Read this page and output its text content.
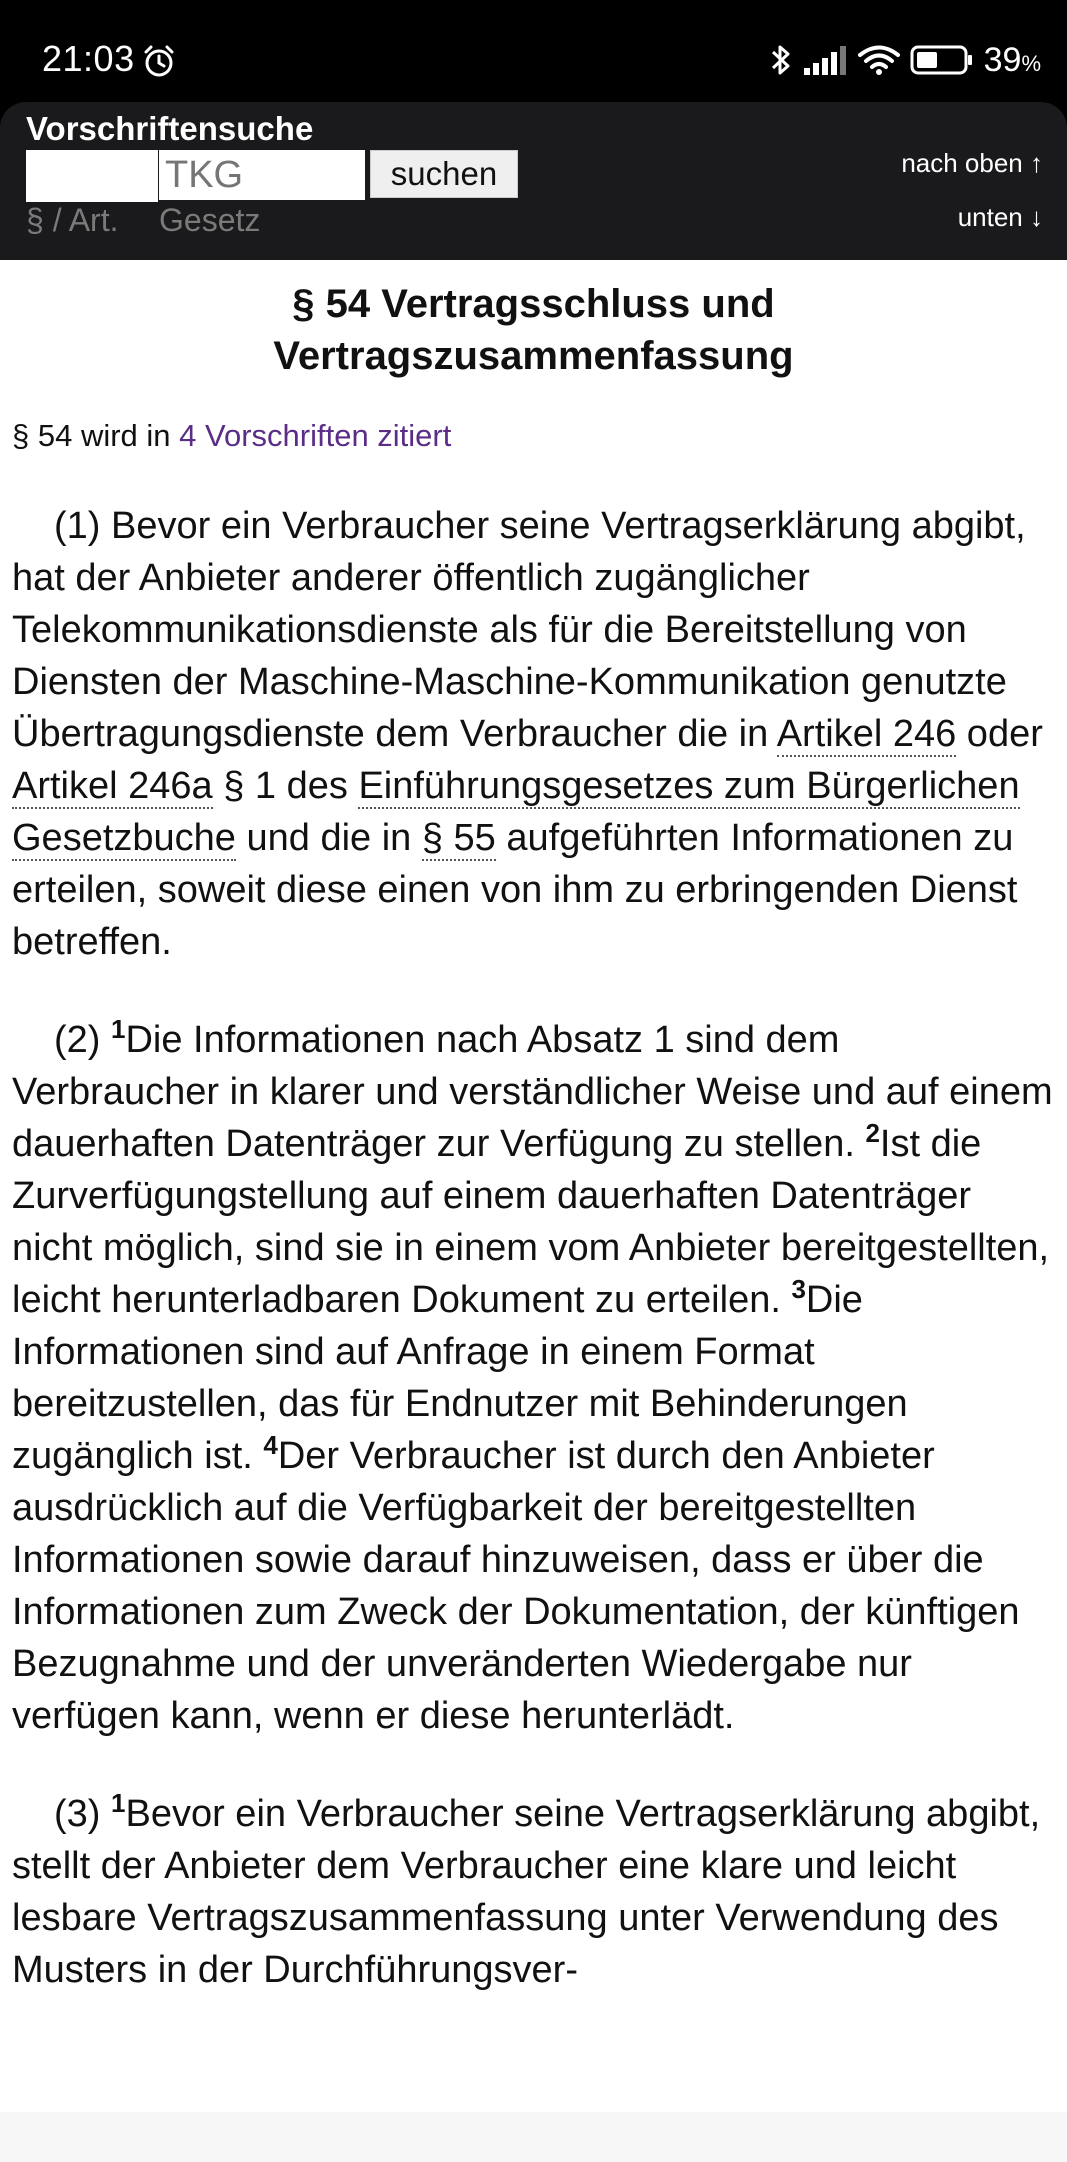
21:03	39%
Vorschriftensuche
TKG
suchen
§ / Art. Gesetz
nach oben ↑
unten ↓
§ 54 Vertragsschluss und
Vertragszusammenfassung
§ 54 wird in 4 Vorschriften zitiert
(1) Bevor ein Verbraucher seine Vertragserklärung abgibt, hat der Anbieter anderer öffentlich zugänglicher Telekommunikationsdienste als für die Bereitstellung von Diensten der Maschine-Maschine-Kommunikation genutzte Übertragungsdienste dem Verbraucher die in Artikel 246 oder Artikel 246a § 1 des Einführungsgesetzes zum Bürgerlichen Gesetzbuche und die in § 55 aufgeführten Informationen zu erteilen, soweit diese einen von ihm zu erbringenden Dienst betreffen.
(2) $^1$Die Informationen nach Absatz 1 sind dem Verbraucher in klarer und verständlicher Weise und auf einem dauerhaften Datenträger zur Verfügung zu stellen. $^2$Ist die Zurverfügungstellung auf einem dauerhaften Datenträger nicht möglich, sind sie in einem vom Anbieter bereitgestellten, leicht herunterladbaren Dokument zu erteilen. $^3$Die Informationen sind auf Anfrage in einem Format bereitzustellen, das für Endnutzer mit Behinderungen zugänglich ist. $^4$Der Verbraucher ist durch den Anbieter ausdrücklich auf die Verfügbarkeit der bereitgestellten Informationen sowie darauf hinzuweisen, dass er über die Informationen zum Zweck der Dokumentation, der künftigen Bezugnahme und der unveränderten Wiedergabe nur verfügen kann, wenn er diese herunterlädt.
(3) $^1$Bevor ein Verbraucher seine Vertragserklärung abgibt, stellt der Anbieter dem Verbraucher eine klare und leicht lesbare Vertragszusammenfassung unter Verwendung des Musters in der Durchführungsver-
